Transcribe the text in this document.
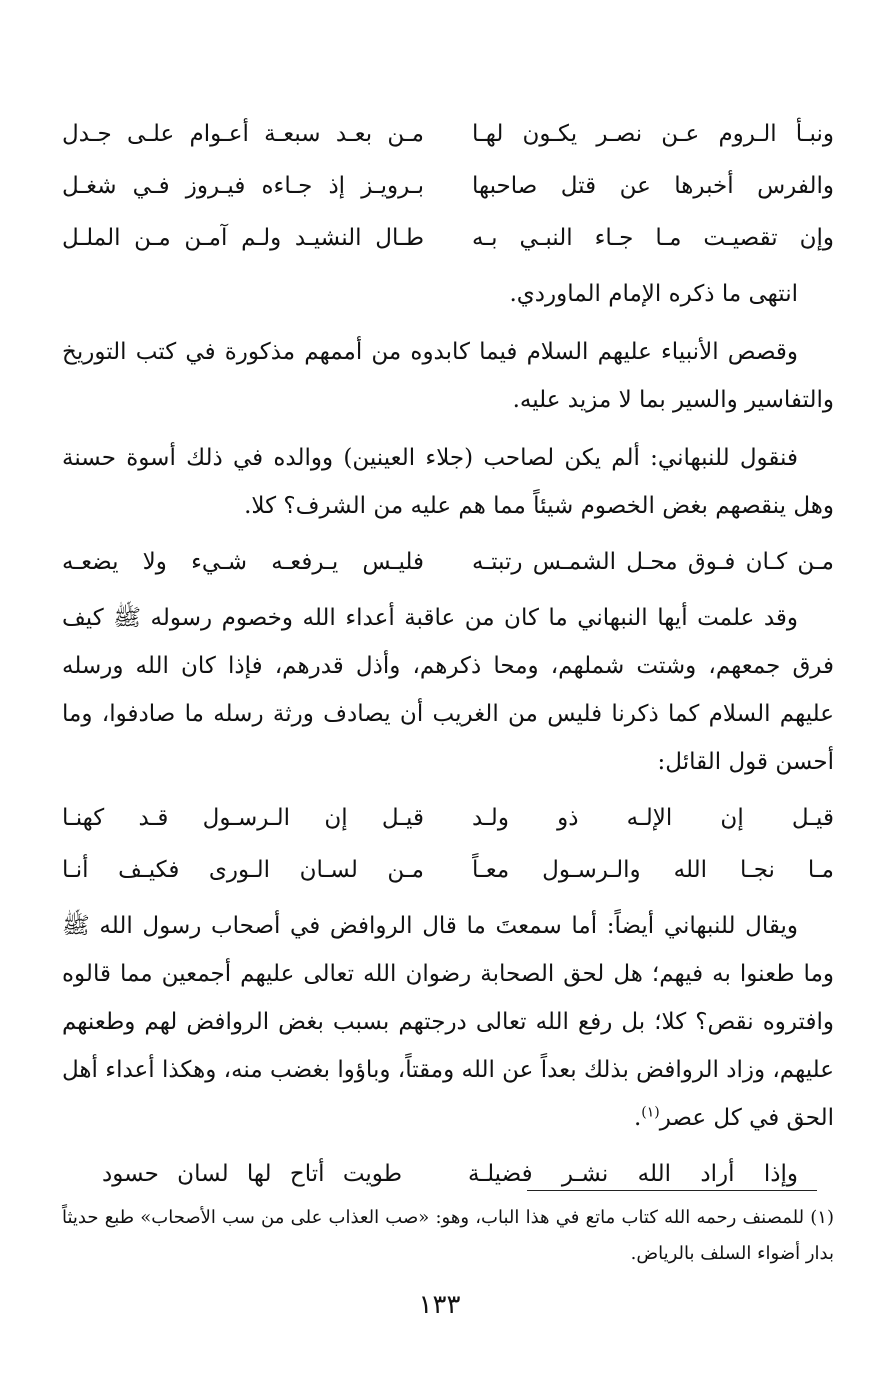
ونبـأ الـروم عـن نصـر يكـون لهـا
مـن بعـد سبعـة أعـوام علـى جـدل
والفرس أخبرها عن قتل صاحبها
بـرويـز إذ جـاءه فيـروز فـي شغـل
وإن تقصيـت مـا جـاء النبـي بـه
طـال النشيـد ولـم آمـن مـن الملـل

انتهى ما ذكره الإمام الماوردي.

وقصص الأنبياء عليهم السلام فيما كابدوه من أممهم مذكورة في كتب التوريخ والتفاسير والسير بما لا مزيد عليه.

فنقول للنبهاني: ألم يكن لصاحب (جلاء العينين) ووالده في ذلك أسوة حسنة وهل ينقصهم بغض الخصوم شيئاً مما هم عليه من الشرف؟ كلا.

مـن كـان فـوق محـل الشمـس رتبتـه
فليـس يـرفعـه شـيء ولا يضعـه

وقد علمت أيها النبهاني ما كان من عاقبة أعداء الله وخصوم رسوله ﷺ كيف فرق جمعهم، وشتت شملهم، ومحا ذكرهم، وأذل قدرهم، فإذا كان الله ورسله عليهم السلام كما ذكرنا فليس من الغريب أن يصادف ورثة رسله ما صادفوا، وما أحسن قول القائل:

قيـل إن الإلـه ذو ولـد
قيـل إن الـرسـول قـد كهنـا
مـا نجـا الله والـرسـول معـاً
مـن لسـان الـورى فكيـف أنـا

ويقال للنبهاني أيضاً: أما سمعتَ ما قال الروافض في أصحاب رسول الله ﷺ وما طعنوا به فيهم؛ هل لحق الصحابة رضوان الله تعالى عليهم أجمعين مما قالوه وافتروه نقص؟ كلا؛ بل رفع الله تعالى درجتهم بسبب بغض الروافض لهم وطعنهم عليهم، وزاد الروافض بذلك بعداً عن الله ومقتاً، وباؤوا بغضب منه، وهكذا أعداء أهل الحق في كل عصر$^{(١)}$.

وإذا أراد الله نشـر فضيلـة
طويت أتاح لها لسان حسود
(١) للمصنف رحمه الله كتاب ماتع في هذا الباب، وهو: «صب العذاب على من سب الأصحاب» طبع حديثاً بدار أضواء السلف بالرياض.
١٣٣
